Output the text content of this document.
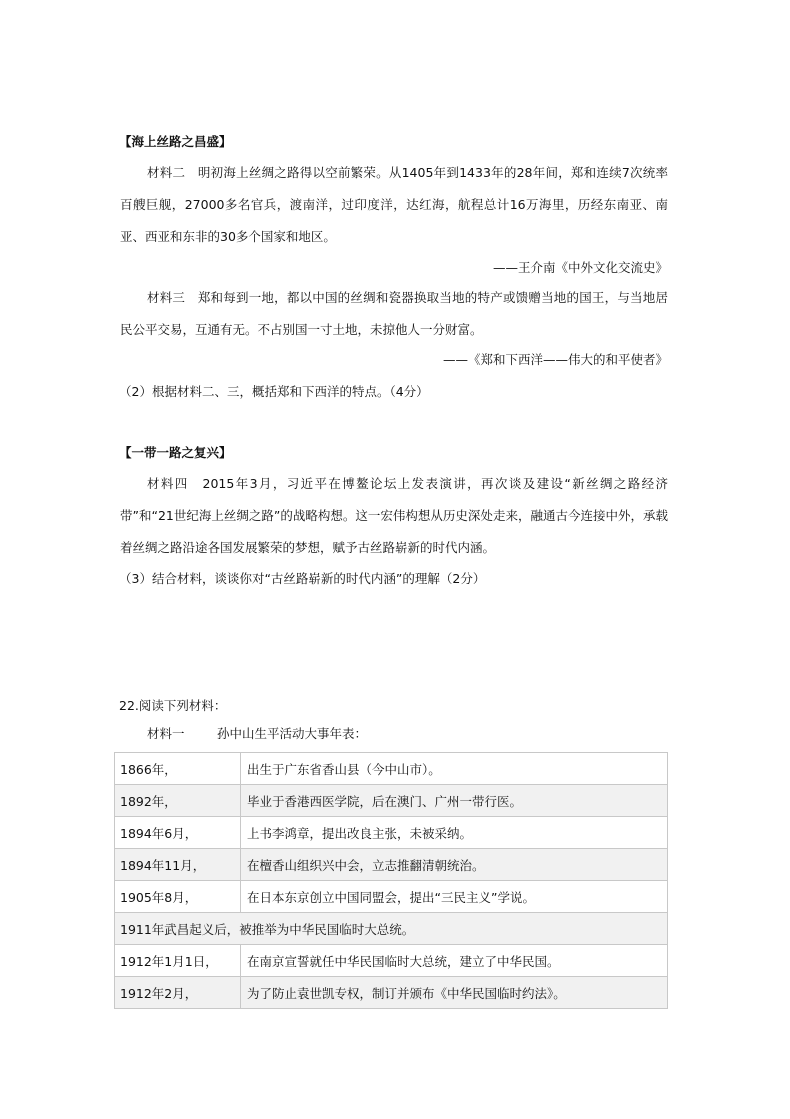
【海上丝路之昌盛】
材料二　明初海上丝绸之路得以空前繁荣。从1405年到1433年的28年间，郑和连续7次统率百艘巨舰，27000多名官兵，渡南洋，过印度洋，达红海，航程总计16万海里，历经东南亚、南亚、西亚和东非的30多个国家和地区。
——王介南《中外文化交流史》
材料三　郑和每到一地，都以中国的丝绸和瓷器换取当地的特产或馈赠当地的国王，与当地居民公平交易，互通有无。不占别国一寸土地，未掠他人一分财富。
——《郑和下西洋——伟大的和平使者》
（2）根据材料二、三，概括郑和下西洋的特点。（4分）
【一带一路之复兴】
材料四　2015年3月，习近平在博鳌论坛上发表演讲，再次谈及建设“新丝绸之路经济带”和“21世纪海上丝绸之路”的战略构想。这一宏伟构想从历史深处走来，融通古今连接中外，承载着丝绸之路沿途各国发展繁荣的梦想，赋予古丝路崭新的时代内涵。
（3）结合材料，谈谈你对“古丝路崭新的时代内涵”的理解（2分）
22.阅读下列材料：
材料一	孙中山生平活动大事年表：
1866年，	出生于广东省香山县（今中山市）。
1892年，	毕业于香港西医学院，后在澳门、广州一带行医。
1894年6月，	上书李鸿章，提出改良主张，未被采纳。
1894年11月，	在檀香山组织兴中会，立志推翻清朝统治。
1905年8月，	在日本东京创立中国同盟会，提出“三民主义”学说。
1911年武昌起义后，被推举为中华民国临时大总统。	
1912年1月1日，	在南京宣誓就任中华民国临时大总统，建立了中华民国。
1912年2月，	为了防止袁世凯专权，制订并颁布《中华民国临时约法》。
